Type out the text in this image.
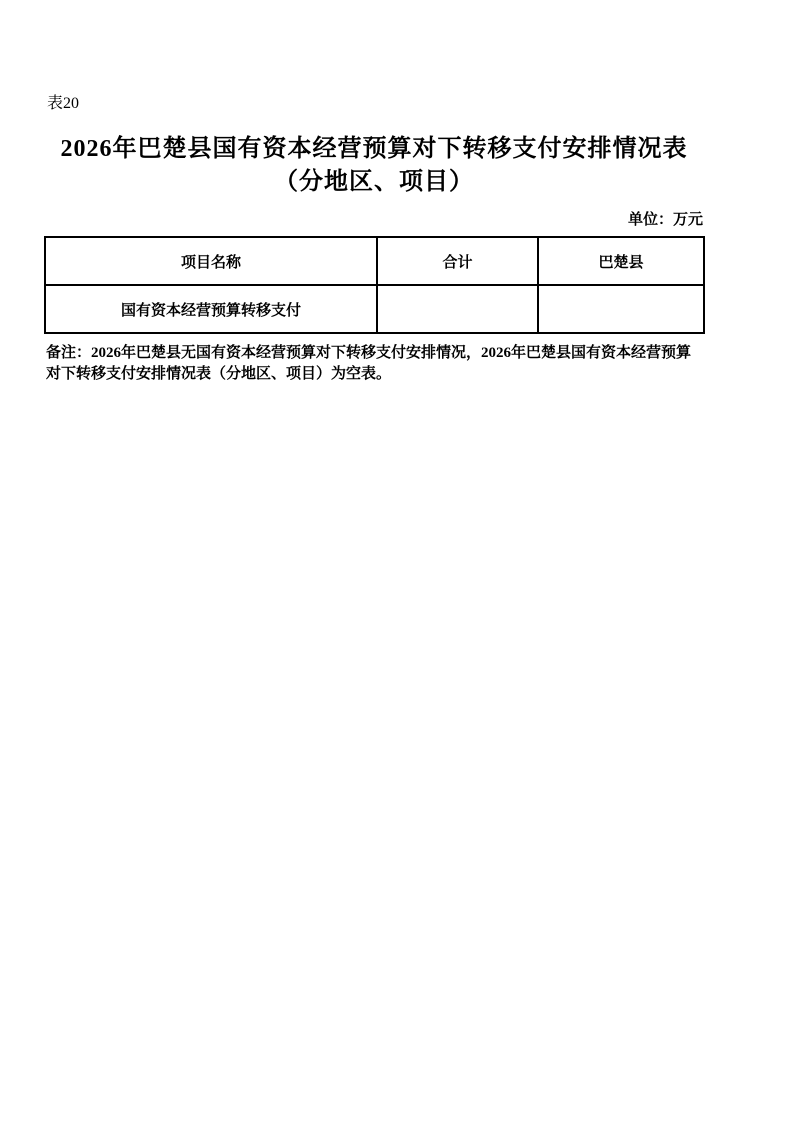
表20
2026年巴楚县国有资本经营预算对下转移支付安排情况表
（分地区、项目）
单位：万元
项目名称	合计	巴楚县
国有资本经营预算转移支付		
备注：2026年巴楚县无国有资本经营预算对下转移支付安排情况，2026年巴楚县国有资本经营预算对下转移支付安排情况表（分地区、项目）为空表。
